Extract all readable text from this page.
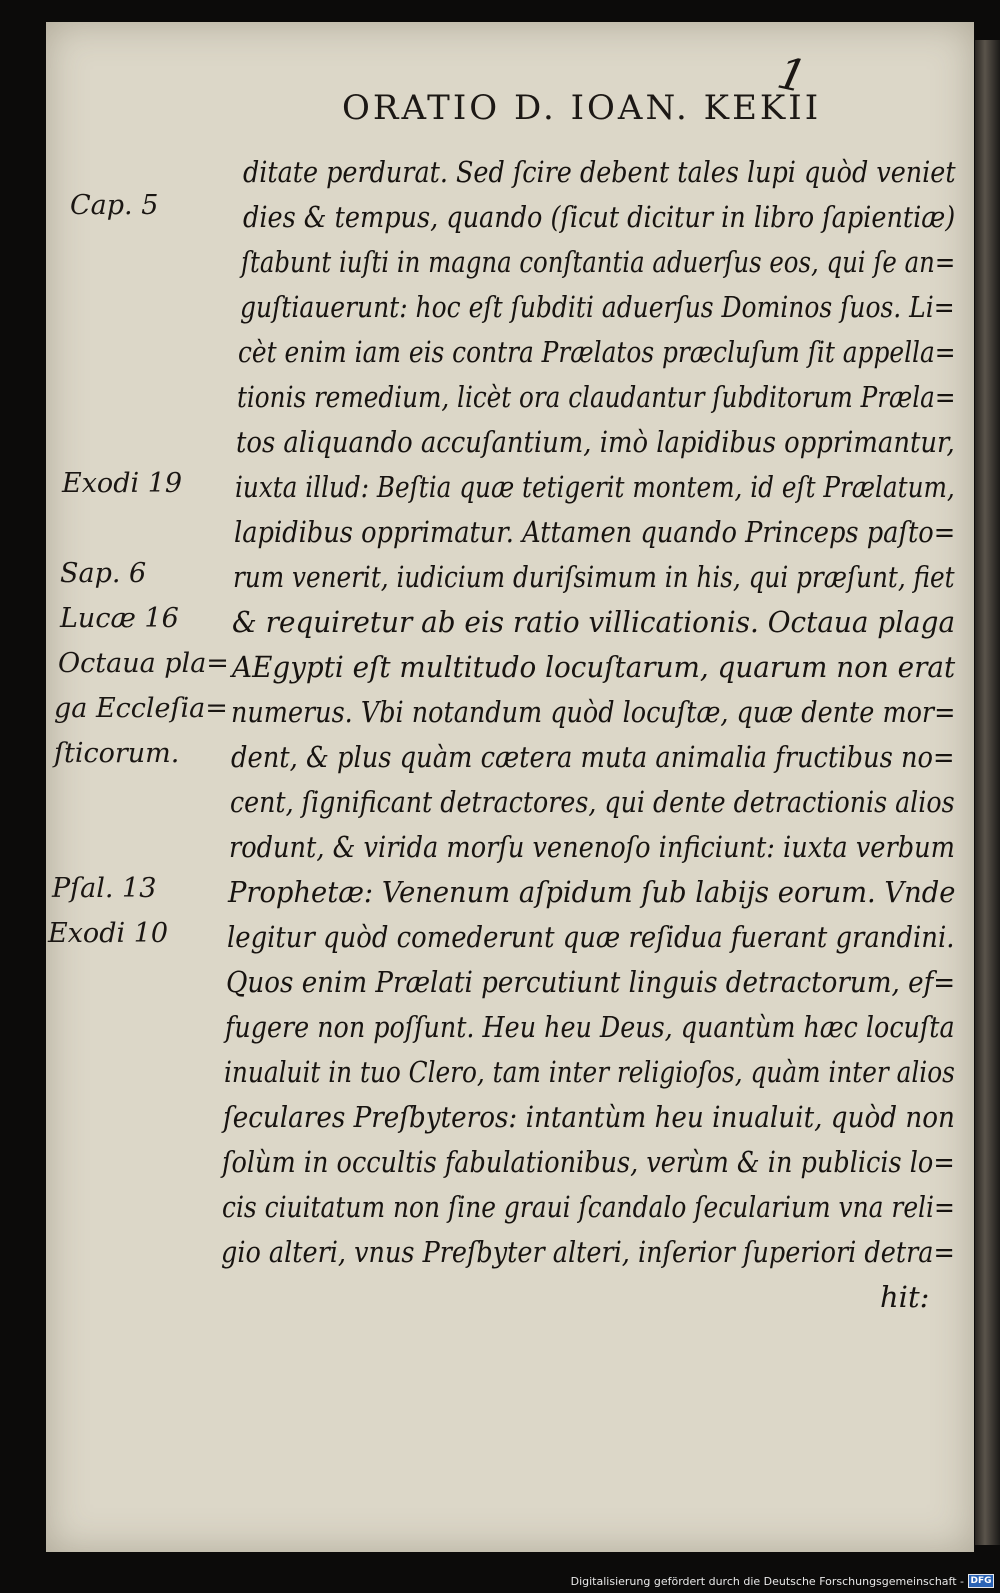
1
ORATIO D. IOAN. KEKII
ditate perdurat. Sed ſcire debent tales lupi quòd veniet
dies & tempus, quando (ſicut dicitur in libro ſapientiæ)
ſtabunt iuſti in magna conſtantia aduerſus eos, qui ſe an=
guſtiauerunt: hoc eſt ſubditi aduerſus Dominos ſuos. Li=
cèt enim iam eis contra Prælatos præcluſum ſit appella=
tionis remedium, licèt ora claudantur ſubditorum Præla=
tos aliquando accuſantium, imò lapidibus opprimantur,
iuxta illud: Beſtia quæ tetigerit montem, id eſt Prælatum,
lapidibus opprimatur. Attamen quando Princeps paſto=
rum venerit, iudicium duriſsimum in his, qui præſunt, fiet
& requiretur ab eis ratio villicationis. Octaua plaga
AEgypti eſt multitudo locuſtarum, quarum non erat
numerus. Vbi notandum quòd locuſtæ, quæ dente mor=
dent, & plus quàm cætera muta animalia fructibus no=
cent, ſignificant detractores, qui dente detractionis alios
rodunt, & virida morſu venenoſo inficiunt: iuxta verbum
Prophetæ: Venenum aſpidum ſub labijs eorum. Vnde
legitur quòd comederunt quæ reſidua fuerant grandini.
Quos enim Prælati percutiunt linguis detractorum, ef=
fugere non poſſunt. Heu heu Deus, quantùm hæc locuſta
inualuit in tuo Clero, tam inter religioſos, quàm inter alios
ſeculares Preſbyteros: intantùm heu inualuit, quòd non
ſolùm in occultis fabulationibus, verùm & in publicis lo=
cis ciuitatum non ſine graui ſcandalo ſecularium vna reli=
gio alteri, vnus Preſbyter alteri, inſerior ſuperiori detra=
hit:
Cap. 5
Exodi 19
Sap. 6
Lucæ 16
Octaua pla=
ga Eccleſia=
ſticorum.
Pſal. 13
Exodi 10
Digitalisierung gefördert durch die Deutsche Forschungsgemeinschaft - DFG
